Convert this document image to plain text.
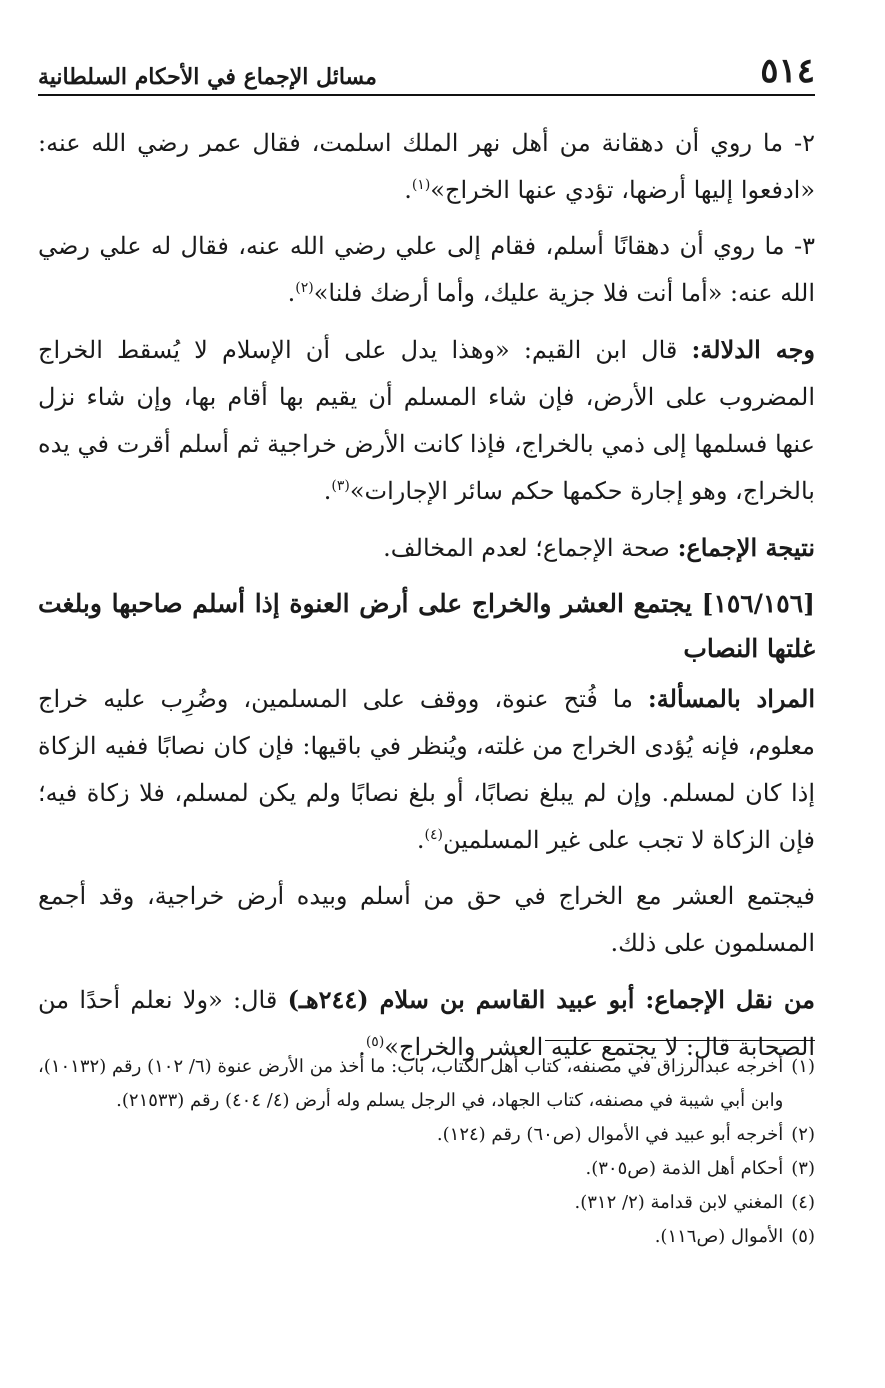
٥١٤
مسائل الإجماع في الأحكام السلطانية

٢- ما روي أن دهقانة من أهل نهر الملك اسلمت، فقال عمر رضي الله عنه: «ادفعوا إليها أرضها، تؤدي عنها الخراج»$^{(١)}$.

٣- ما روي أن دهقانًا أسلم، فقام إلى علي رضي الله عنه، فقال له علي رضي الله عنه: «أما أنت فلا جزية عليك، وأما أرضك فلنا»$^{(٢)}$.

وجه الدلالة: قال ابن القيم: «وهذا يدل على أن الإسلام لا يُسقط الخراج المضروب على الأرض، فإن شاء المسلم أن يقيم بها أقام بها، وإن شاء نزل عنها فسلمها إلى ذمي بالخراج، فإذا كانت الأرض خراجية ثم أسلم أقرت في يده بالخراج، وهو إجارة حكمها حكم سائر الإجارات»$^{(٣)}$.

نتيجة الإجماع: صحة الإجماع؛ لعدم المخالف.

[١٥٦/١٥٦] يجتمع العشر والخراج على أرض العنوة إذا أسلم صاحبها وبلغت غلتها النصاب

المراد بالمسألة: ما فُتح عنوة، ووقف على المسلمين، وضُرِب عليه خراج معلوم، فإنه يُؤدى الخراج من غلته، ويُنظر في باقيها: فإن كان نصابًا ففيه الزكاة إذا كان لمسلم. وإن لم يبلغ نصابًا، أو بلغ نصابًا ولم يكن لمسلم، فلا زكاة فيه؛ فإن الزكاة لا تجب على غير المسلمين$^{(٤)}$.

فيجتمع العشر مع الخراج في حق من أسلم وبيده أرض خراجية، وقد أجمع المسلمون على ذلك.

من نقل الإجماع: أبو عبيد القاسم بن سلام (٢٤٤هـ) قال: «ولا نعلم أحدًا من الصحابة قال: لا يجتمع عليه العشر والخراج»$^{(٥)}$.

(١)
أخرجه عبدالرزاق في مصنفه، كتاب أهل الكتاب، باب: ما أخذ من الأرض عنوة (٦/ ١٠٢) رقم (١٠١٣٢)، وابن أبي شيبة في مصنفه، كتاب الجهاد، في الرجل يسلم وله أرض (٤/ ٤٠٤) رقم (٢١٥٣٣).
(٢)
أخرجه أبو عبيد في الأموال (ص٦٠) رقم (١٢٤).
(٣)
أحكام أهل الذمة (ص٣٠٥).
(٤)
المغني لابن قدامة (٢/ ٣١٢).
(٥)
الأموال (ص١١٦).
